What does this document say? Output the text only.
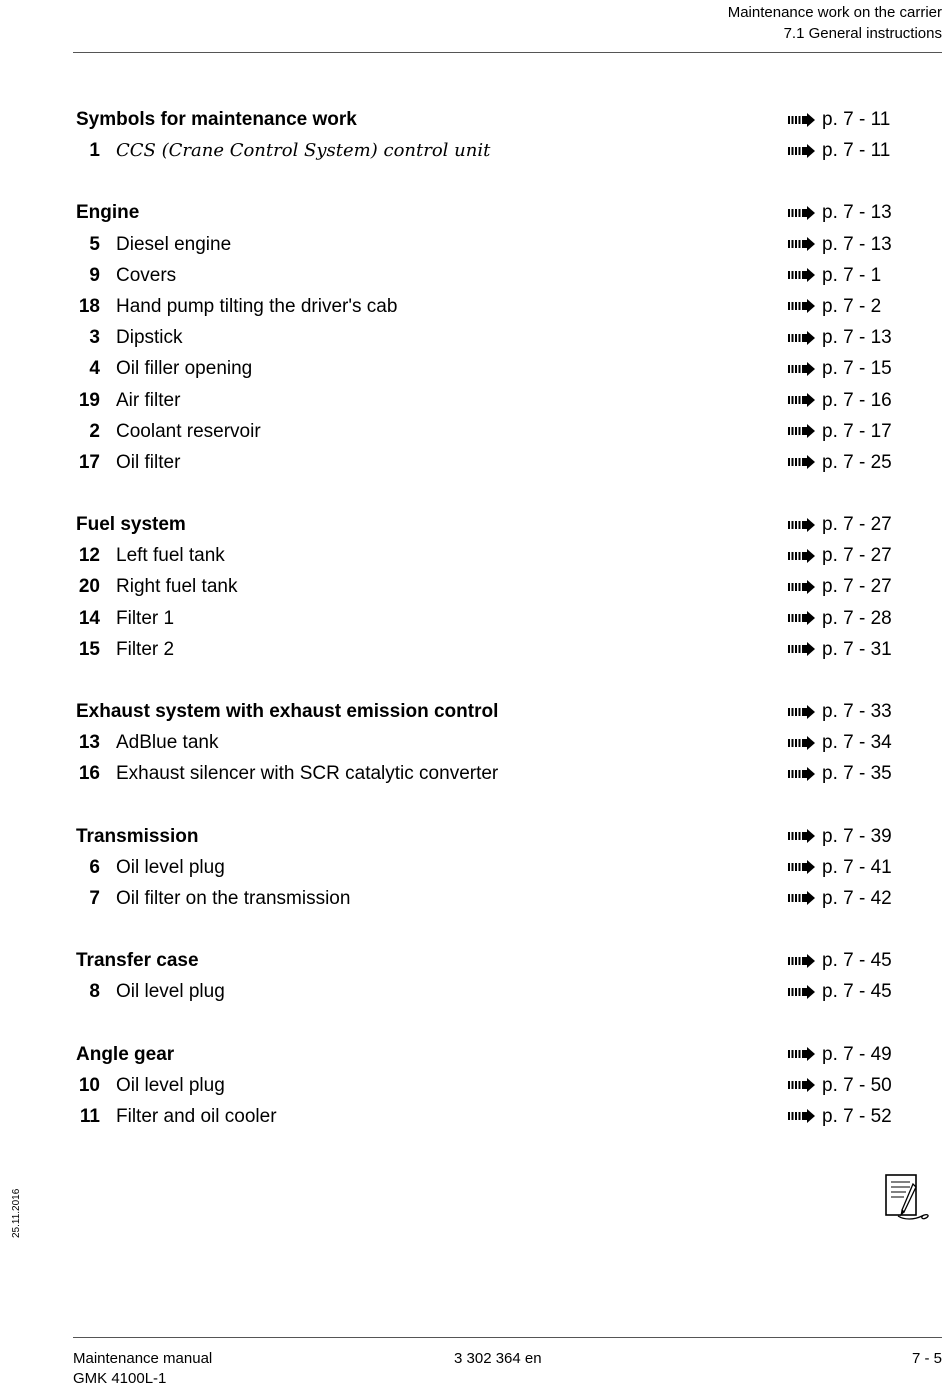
Maintenance work on the carrier
7.1 General instructions
Symbols for maintenance work	p. 7 - 11
1 CCS (Crane Control System) control unit	p. 7 - 11
Engine	p. 7 - 13
5 Diesel engine	p. 7 - 13
9 Covers	p. 7 - 1
18 Hand pump tilting the driver's cab	p. 7 - 2
3 Dipstick	p. 7 - 13
4 Oil filler opening	p. 7 - 15
19 Air filter	p. 7 - 16
2 Coolant reservoir	p. 7 - 17
17 Oil filter	p. 7 - 25
Fuel system	p. 7 - 27
12 Left fuel tank	p. 7 - 27
20 Right fuel tank	p. 7 - 27
14 Filter 1	p. 7 - 28
15 Filter 2	p. 7 - 31
Exhaust system with exhaust emission control	p. 7 - 33
13 AdBlue tank	p. 7 - 34
16 Exhaust silencer with SCR catalytic converter	p. 7 - 35
Transmission	p. 7 - 39
6 Oil level plug	p. 7 - 41
7 Oil filter on the transmission	p. 7 - 42
Transfer case	p. 7 - 45
8 Oil level plug	p. 7 - 45
Angle gear	p. 7 - 49
10 Oil level plug	p. 7 - 50
11 Filter and oil cooler	p. 7 - 52
25.11.2016
Maintenance manual
GMK 4100L-1
3 302 364 en	7 - 5
